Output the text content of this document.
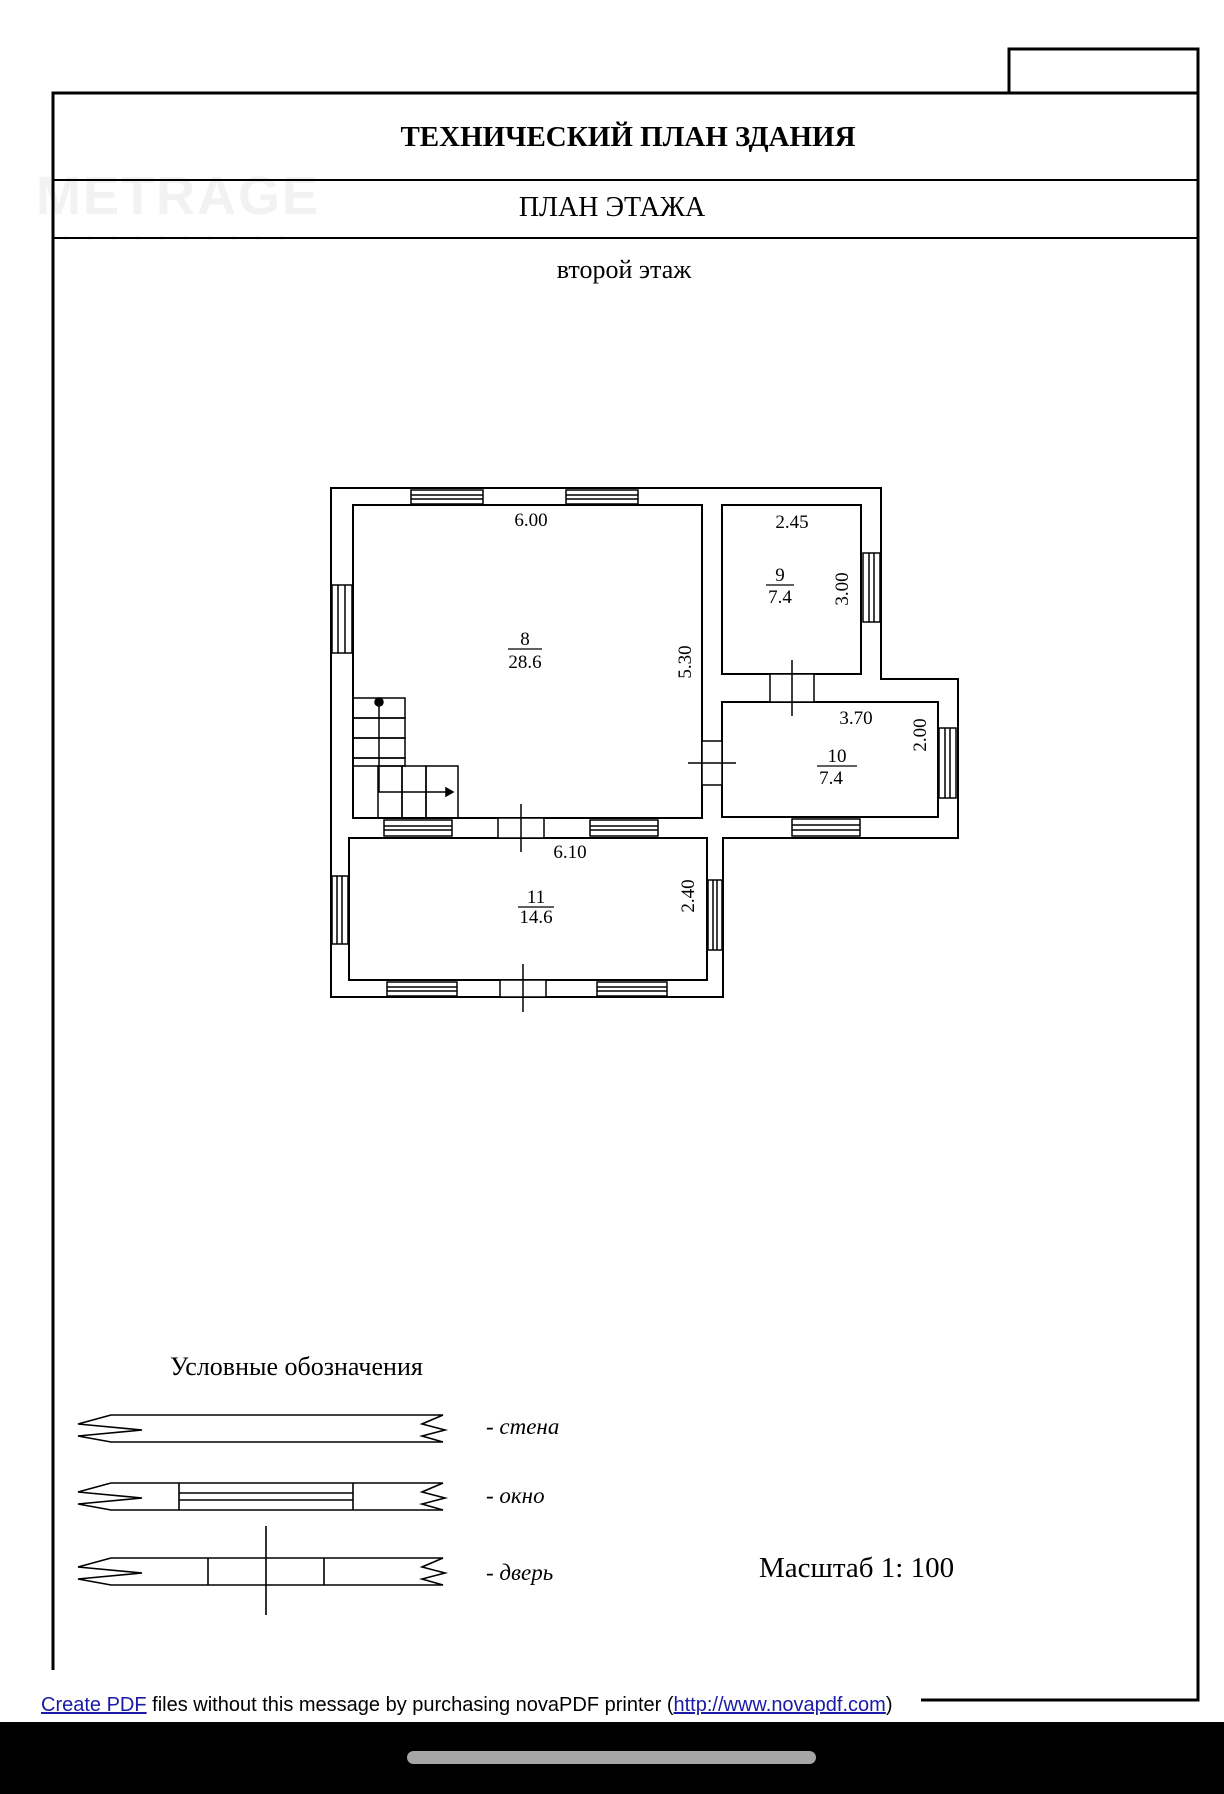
METRAGE
ТЕХНИЧЕСКИЙ ПЛАН ЗДАНИЯ
ПЛАН ЭТАЖА
второй этаж
6.00
5.30
2.45
3.00
3.70 2.00
6.10
2.40
8
28.6
9
7.4
10
7.4
11
14.6
Условные обозначения
- стена
- окно
- дверь	Масштаб 1: 100
Create PDF files without this message by purchasing novaPDF printer (http://www.novapdf.com)
